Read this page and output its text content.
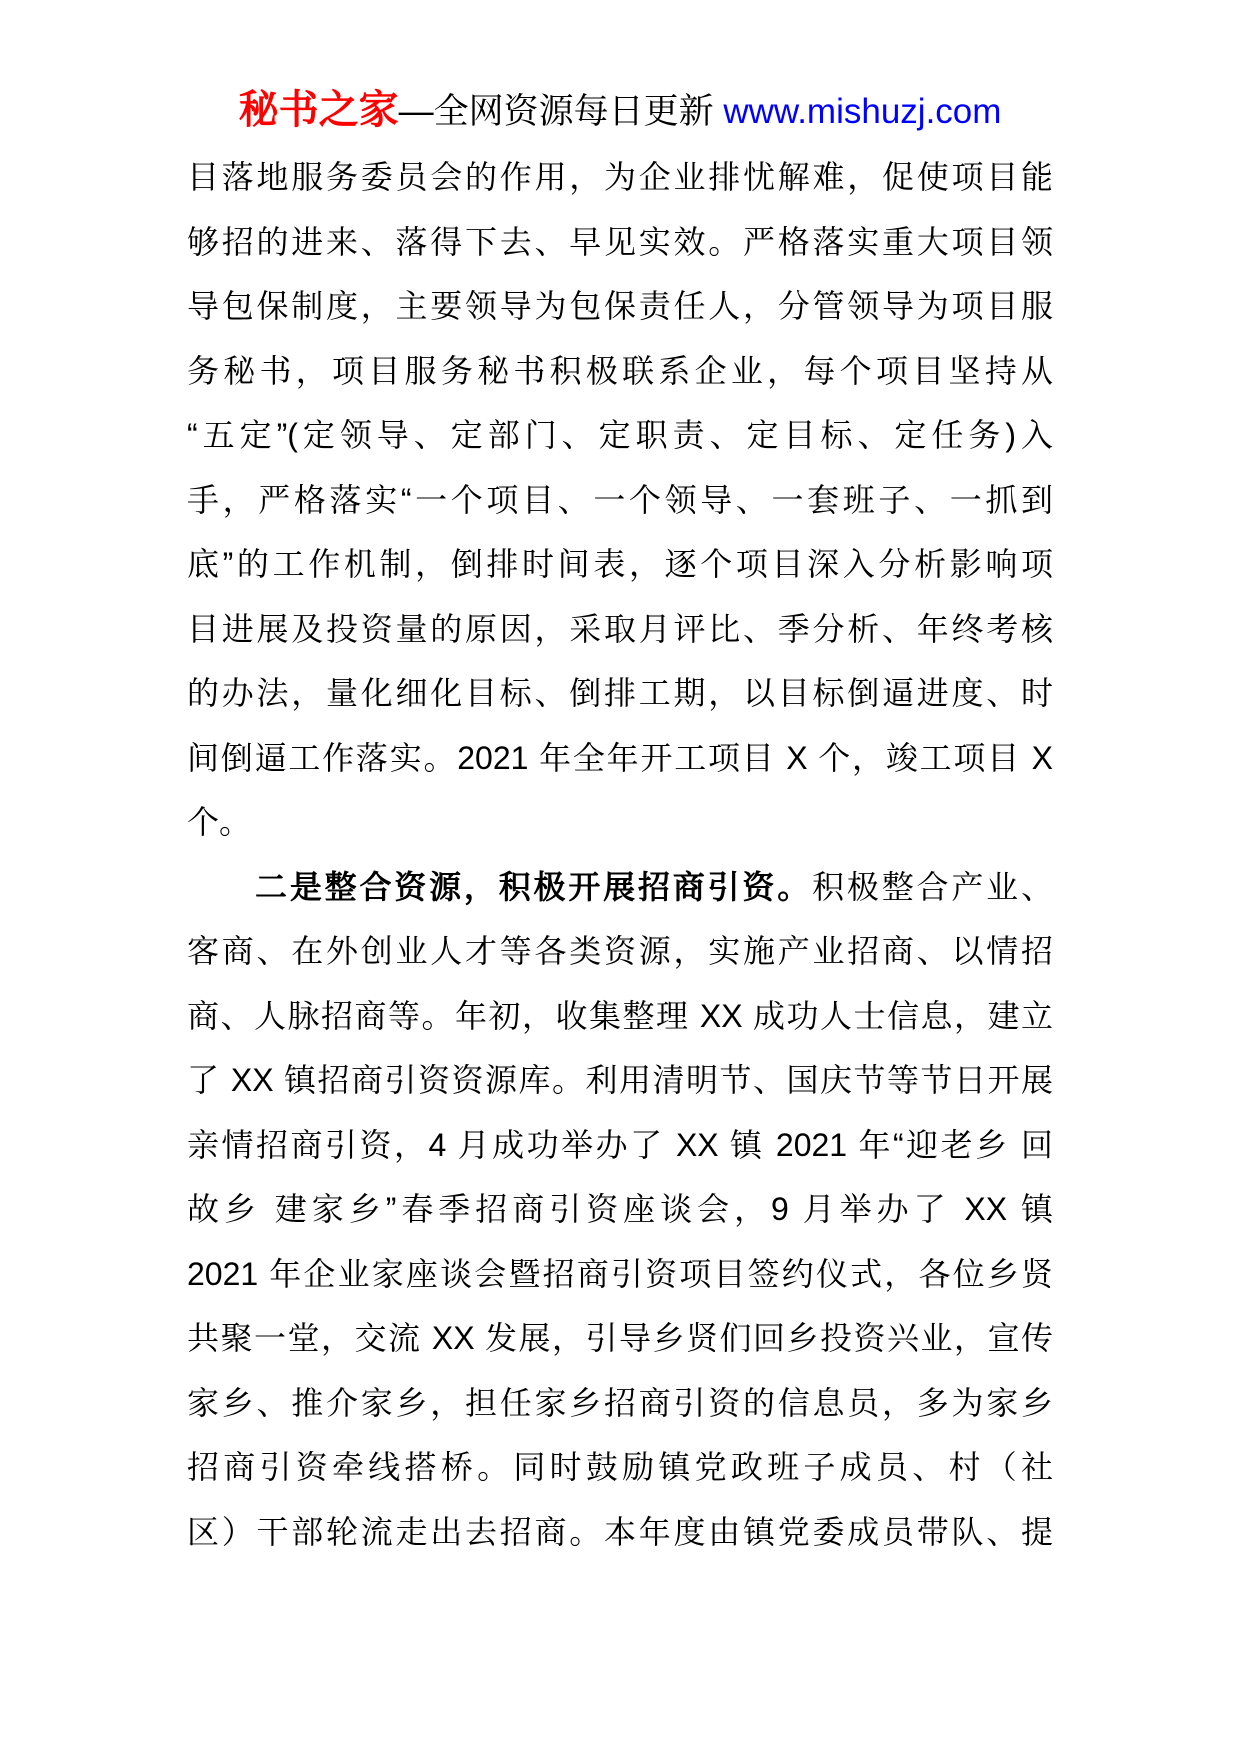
秘书之家—全网资源每日更新 www.mishuzj.com
目落地服务委员会的作用，为企业排忧解难，促使项目能
够招的进来、落得下去、早见实效。严格落实重大项目领
导包保制度，主要领导为包保责任人，分管领导为项目服
务秘书，项目服务秘书积极联系企业，每个项目坚持从
“五定”(定领导、定部门、定职责、定目标、定任务)入
手，严格落实“一个项目、一个领导、一套班子、一抓到
底”的工作机制，倒排时间表，逐个项目深入分析影响项
目进展及投资量的原因，采取月评比、季分析、年终考核
的办法，量化细化目标、倒排工期，以目标倒逼进度、时
间倒逼工作落实。2021 年全年开工项目 X 个，竣工项目 X
个。
二是整合资源，积极开展招商引资。积极整合产业、
客商、在外创业人才等各类资源，实施产业招商、以情招
商、人脉招商等。年初，收集整理 XX 成功人士信息，建立
了 XX 镇招商引资资源库。利用清明节、国庆节等节日开展
亲情招商引资，4 月成功举办了 XX 镇 2021 年“迎老乡 回
故乡 建家乡”春季招商引资座谈会，9 月举办了 XX 镇
2021 年企业家座谈会暨招商引资项目签约仪式，各位乡贤
共聚一堂，交流 XX 发展，引导乡贤们回乡投资兴业，宣传
家乡、推介家乡，担任家乡招商引资的信息员，多为家乡
招商引资牵线搭桥。同时鼓励镇党政班子成员、村（社
区）干部轮流走出去招商。本年度由镇党委成员带队、提
